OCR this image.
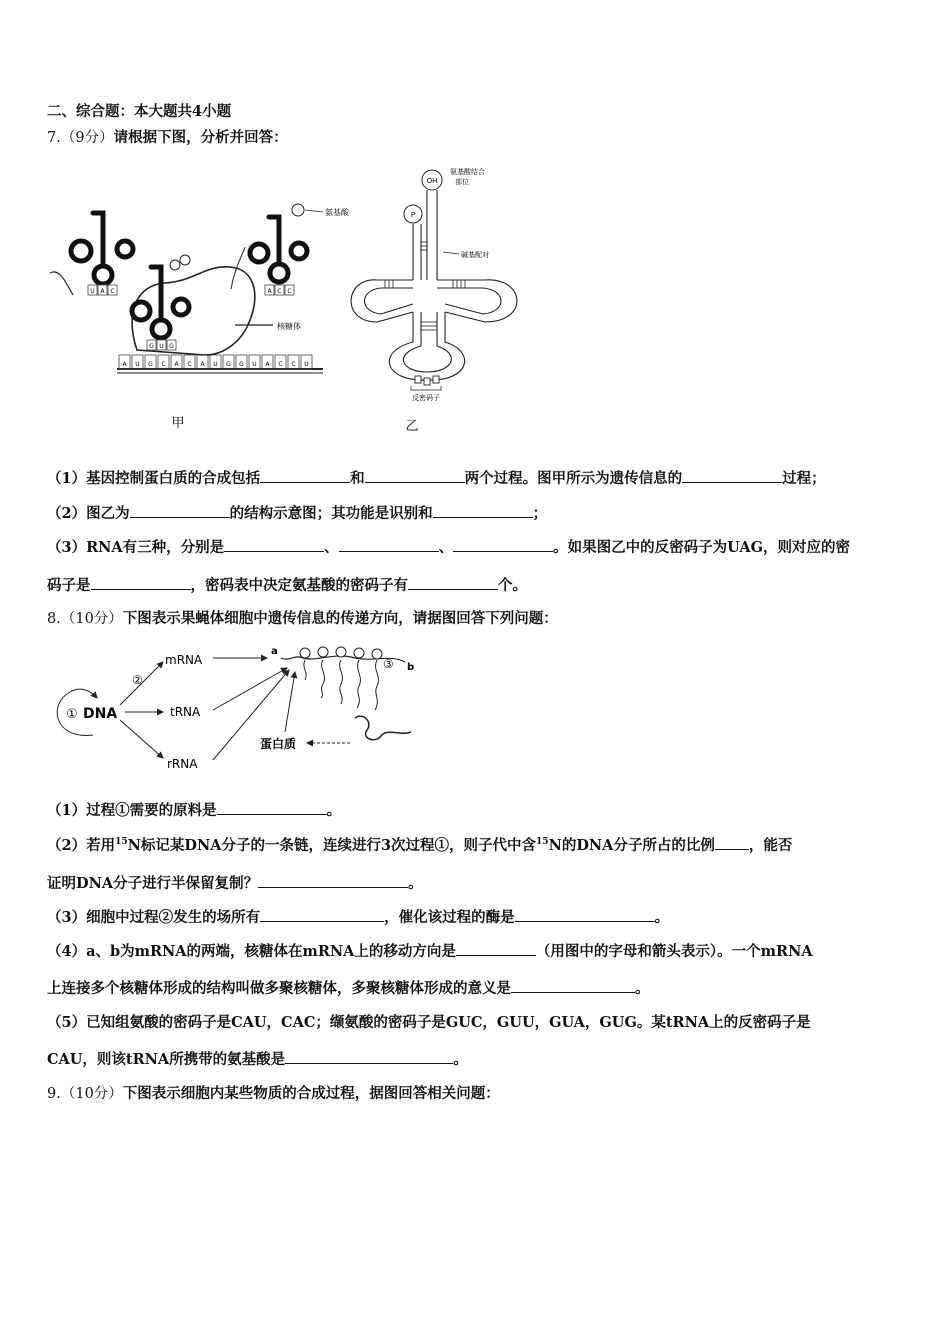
二、综合题：本大题共4小题
7.（9分）请根据下图，分析并回答：
A U G C A C A U G G U A C C U
核糖体
U A C
G U G
氨基酸
A C C
甲
OH
氨基酸结合
部位
P
碱基配对
反密码子
乙
（1）基因控制蛋白质的合成包括	和	两个过程。图甲所示为遗传信息的	过程；
（2）图乙为	的结构示意图；其功能是识别和	；
（3）RNA有三种，分别是	、	、	。如果图乙中的反密码子为UAG，则对应的密
码子是	，密码表中决定氨基酸的密码子有	个。
8.（10分）下图表示果蝇体细胞中遗传信息的传递方向，请据图回答下列问题：
① DNA
②
mRNA
tRNA
rRNA
a
③ b
蛋白质
（1）过程①需要的原料是	。
（2）若用$^{15}$N标记某DNA分子的一条链，连续进行3次过程①，则子代中含$^{15}$N的DNA分子所占的比例 ，能否
证明DNA分子进行半保留复制？	。
（3）细胞中过程②发生的场所有	，催化该过程的酶是	。
（4）a、b为mRNA的两端，核糖体在mRNA上的移动方向是	（用图中的字母和箭头表示）。一个mRNA
上连接多个核糖体形成的结构叫做多聚核糖体，多聚核糖体形成的意义是	。
（5）已知组氨酸的密码子是CAU，CAC；缬氨酸的密码子是GUC，GUU，GUA，GUG。某tRNA上的反密码子是
CAU，则该tRNA所携带的氨基酸是	。
9.（10分）下图表示细胞内某些物质的合成过程，据图回答相关问题：
